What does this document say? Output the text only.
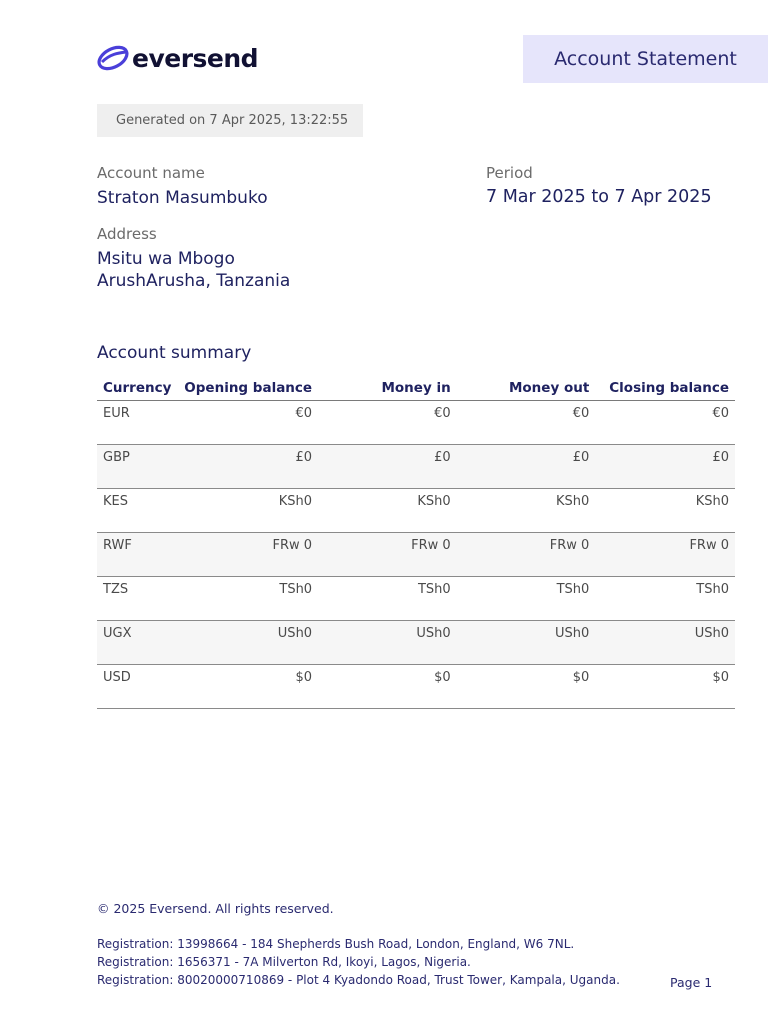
eversend	Account Statement
Generated on 7 Apr 2025, 13:22:55
Account name
Straton Masumbuko
Period
7 Mar 2025 to 7 Apr 2025
Address
Msitu wa Mbogo
ArushArusha, Tanzania
Account summary
Currency	Opening balance	Money in	Money out	Closing balance
EUR	€0	€0	€0	€0
GBP	£0	£0	£0	£0
KES	KSh0	KSh0	KSh0	KSh0
RWF	FRw 0	FRw 0	FRw 0	FRw 0
TZS	TSh0	TSh0	TSh0	TSh0
UGX	USh0	USh0	USh0	USh0
USD	$0	$0	$0	$0
© 2025 Eversend. All rights reserved.
Registration: 13998664 - 184 Shepherds Bush Road, London, England, W6 7NL.
Registration: 1656371 - 7A Milverton Rd, Ikoyi, Lagos, Nigeria.
Registration: 80020000710869 - Plot 4 Kyadondo Road, Trust Tower, Kampala, Uganda.	Page 1
